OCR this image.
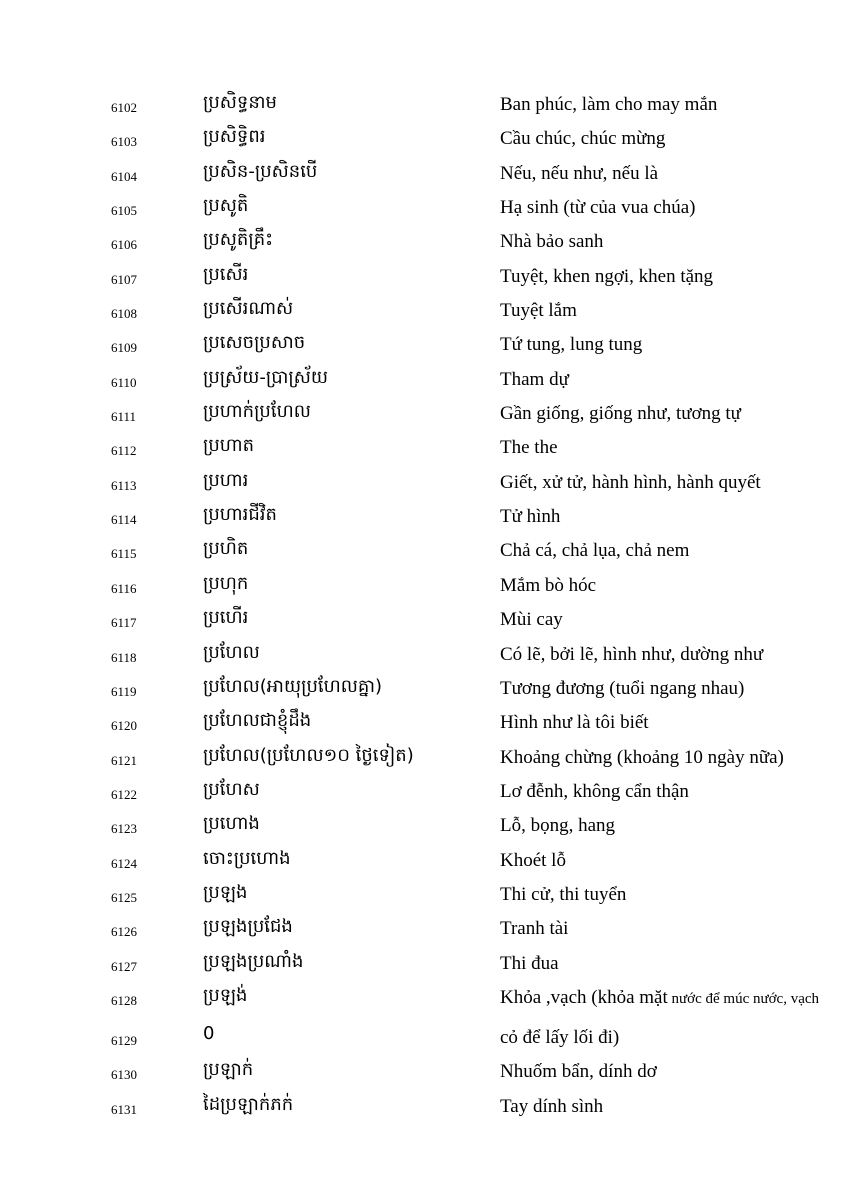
6102	ប្រសិទ្ធនាម	Ban phúc, làm cho may mắn
6103	ប្រសិទ្ធិពរ	Cầu chúc, chúc mừng
6104	ប្រសិន-ប្រសិនបើ	Nếu, nếu như, nếu là
6105	ប្រសូតិ	Hạ sinh (từ của vua chúa)
6106	ប្រសូតិគ្រឹះ	Nhà bảo sanh
6107	ប្រសើរ	Tuyệt, khen ngợi, khen tặng
6108	ប្រសើរណាស់	Tuyệt lắm
6109	ប្រសេចប្រសាច	Tứ tung, lung tung
6110	ប្រស្រ័យ-ប្រាស្រ័យ	Tham dự
6111	ប្រហាក់ប្រហែល	Gần giống, giống như, tương tự
6112	ប្រហាត	The the
6113	ប្រហារ	Giết, xử tử, hành hình, hành quyết
6114	ប្រហារជីវិត	Tử hình
6115	ប្រហិត	Chả cá, chả lụa, chả nem
6116	ប្រហុក	Mắm bò hóc
6117	ប្រហើរ	Mùi cay
6118	ប្រហែល	Có lẽ, bởi lẽ, hình như, dường như
6119	ប្រហែល(អាយុប្រហែលគ្នា)	Tương đương (tuổi ngang nhau)
6120	ប្រហែលជាខ្ញុំដឹង	Hình như là tôi biết
6121	ប្រហែល(ប្រហែល១០ ថ្ងៃទៀត)	Khoảng chừng (khoảng 10 ngày nữa)
6122	ប្រហែស	Lơ đễnh, không cẩn thận
6123	ប្រហោង	Lỗ, bọng, hang
6124	ចោះប្រហោង	Khoét lỗ
6125	ប្រឡង	Thi cử, thi tuyển
6126	ប្រឡងប្រជែង	Tranh tài
6127	ប្រឡងប្រណាំង	Thi đua
6128	ប្រឡង់	Khỏa ,vạch (khỏa mặt nước để múc nước, vạch
6129	0	cỏ để lấy lối đi)
6130	ប្រឡាក់	Nhuốm bẩn, dính dơ
6131	ដៃប្រឡាក់ភក់	Tay dính sình
